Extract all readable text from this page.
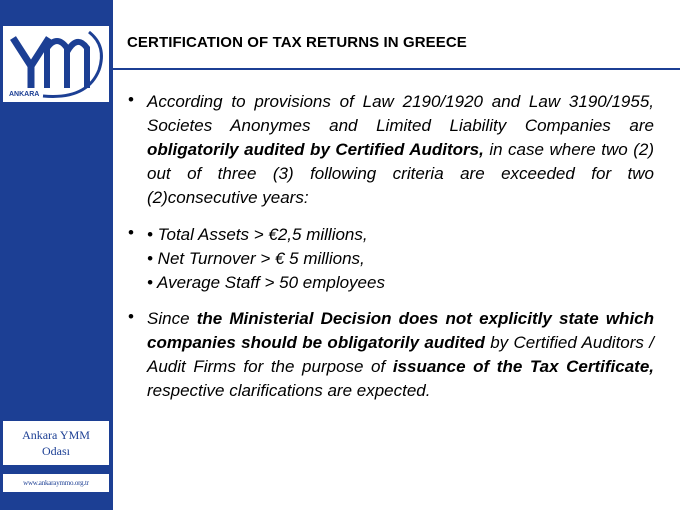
ANKARA
Ankara YMM
Odası
www.ankaraymmo.org.tr
CERTIFICATION OF TAX RETURNS IN GREECE
• According to provisions of Law 2190/1920 and Law 3190/1955, Societes Anonymes and Limited Liability Companies are obligatorily audited by Certified Auditors, in case where two (2) out of three (3) following criteria are exceeded for two (2)consecutive years:
• • Total Assets > €2,5 millions,
• Net Turnover > € 5 millions,
• Average Staff > 50 employees
• Since the Ministerial Decision does not explicitly state which companies should be obligatorily audited by Certified Auditors / Audit Firms for the purpose of issuance of the Tax Certificate, respective clarifications are expected.
